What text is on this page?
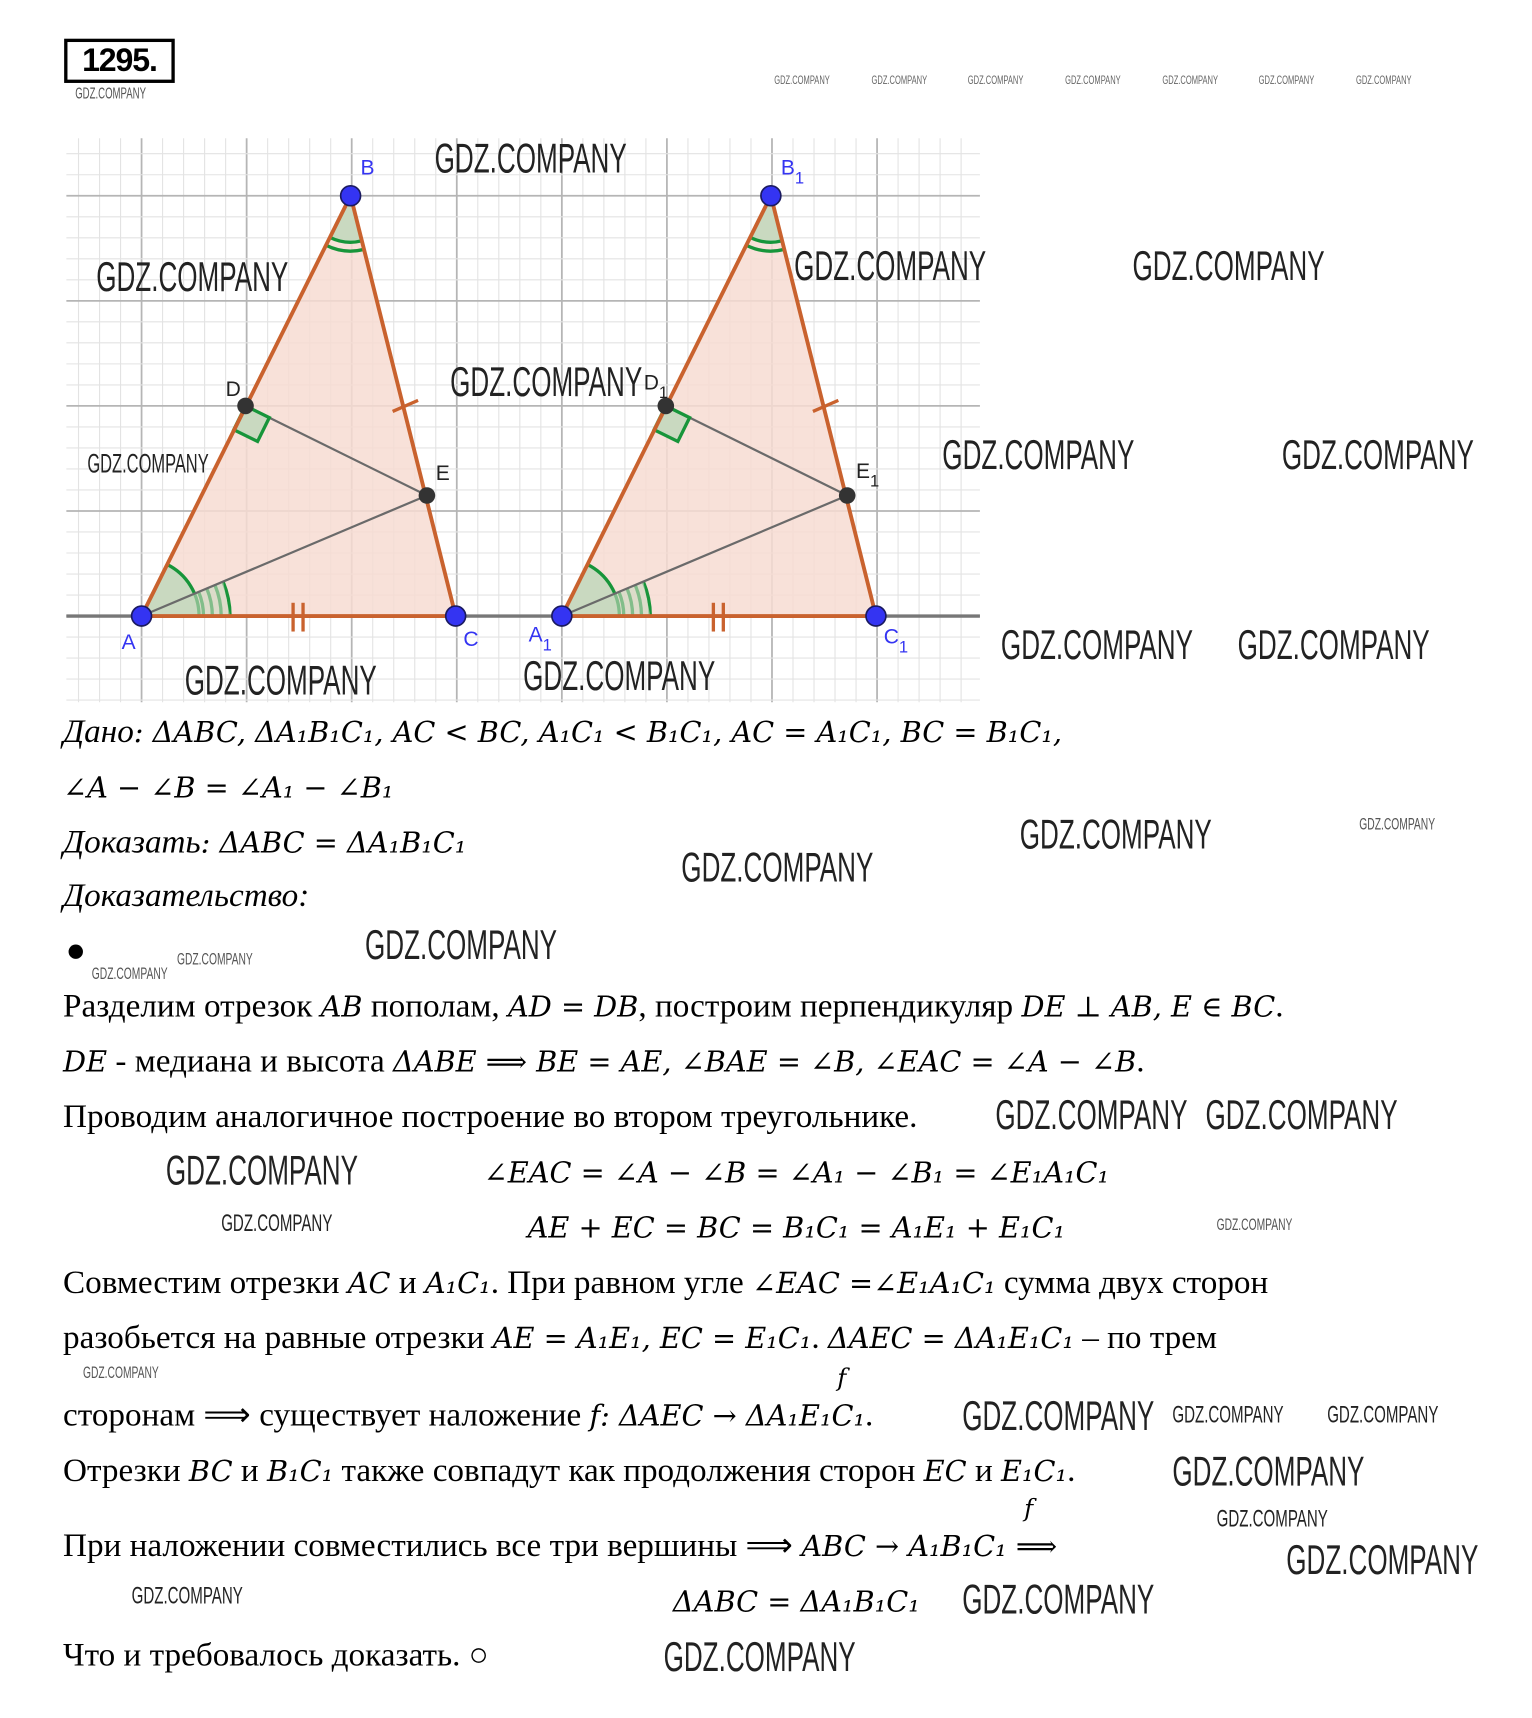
1295.
A
B
C
D
E
$A_1$
$B_1$
$C_1$
$D_1$
$E_1$
Дано: ΔABC, ΔA₁B₁C₁, AC < BC, A₁C₁ < B₁C₁, AC = A₁C₁, BC = B₁C₁,
∠A − ∠B = ∠A₁ − ∠B₁
Доказать: ΔABC = ΔA₁B₁C₁
Доказательство:
Разделим отрезок AB пополам, AD = DB, построим перпендикуляр DE ⊥ AB, E ∈ BC.
DE - медиана и высота ΔABE ⟹ BE = AE, ∠BAE = ∠B, ∠EAC = ∠A − ∠B.
Проводим аналогичное построение во втором треугольнике.
∠EAC = ∠A − ∠B = ∠A₁ − ∠B₁ = ∠E₁A₁C₁
AE + EC = BC = B₁C₁ = A₁E₁ + E₁C₁
Совместим отрезки AC и A₁C₁. При равном угле ∠EAC =∠E₁A₁C₁ сумма двух сторон
разобьется на равные отрезки AE = A₁E₁, EC = E₁C₁. ΔAEC = ΔA₁E₁C₁ – по трем
сторонам ⟹ существует наложение f: ΔAEC → ΔA₁E₁C₁.
Отрезки BC и B₁C₁ также совпадут как продолжения сторон EC и E₁C₁.
При наложении совместились все три вершины ⟹ ABC → A₁B₁C₁ ⟹
ΔABC = ΔA₁B₁C₁
Что и требовалось доказать. ○
f
f
GDZ.COMPANY
GDZ.COMPANY	GDZ.COMPANY	GDZ.COMPANY	GDZ.COMPANY	GDZ.COMPANY	GDZ.COMPANY	GDZ.COMPANY
GDZ.COMPANY
GDZ.COMPANY	GDZ.COMPANY	GDZ.COMPANY
GDZ.COMPANY
GDZ.COMPANY	GDZ.COMPANY
GDZ.COMPANY	GDZ.COMPANY
GDZ.COMPANY GDZ.COMPANY
GDZ.COMPANY
GDZ.COMPANY
GDZ.COMPANY
GDZ.COMPANY GDZ.COMPANY
GDZ.COMPANY
GDZ.COMPANY
GDZ.COMPANY
GDZ.COMPANY
GDZ.COMPANY
GDZ.COMPANY
GDZ.COMPANY
GDZ.COMPANY
GDZ.COMPANY GDZ.COMPANY
GDZ.COMPANY
GDZ.COMPANY
GDZ.COMPANY
GDZ.COMPANY
GDZ.COMPANY
GDZ.COMPANY
GDZ.COMPANY
